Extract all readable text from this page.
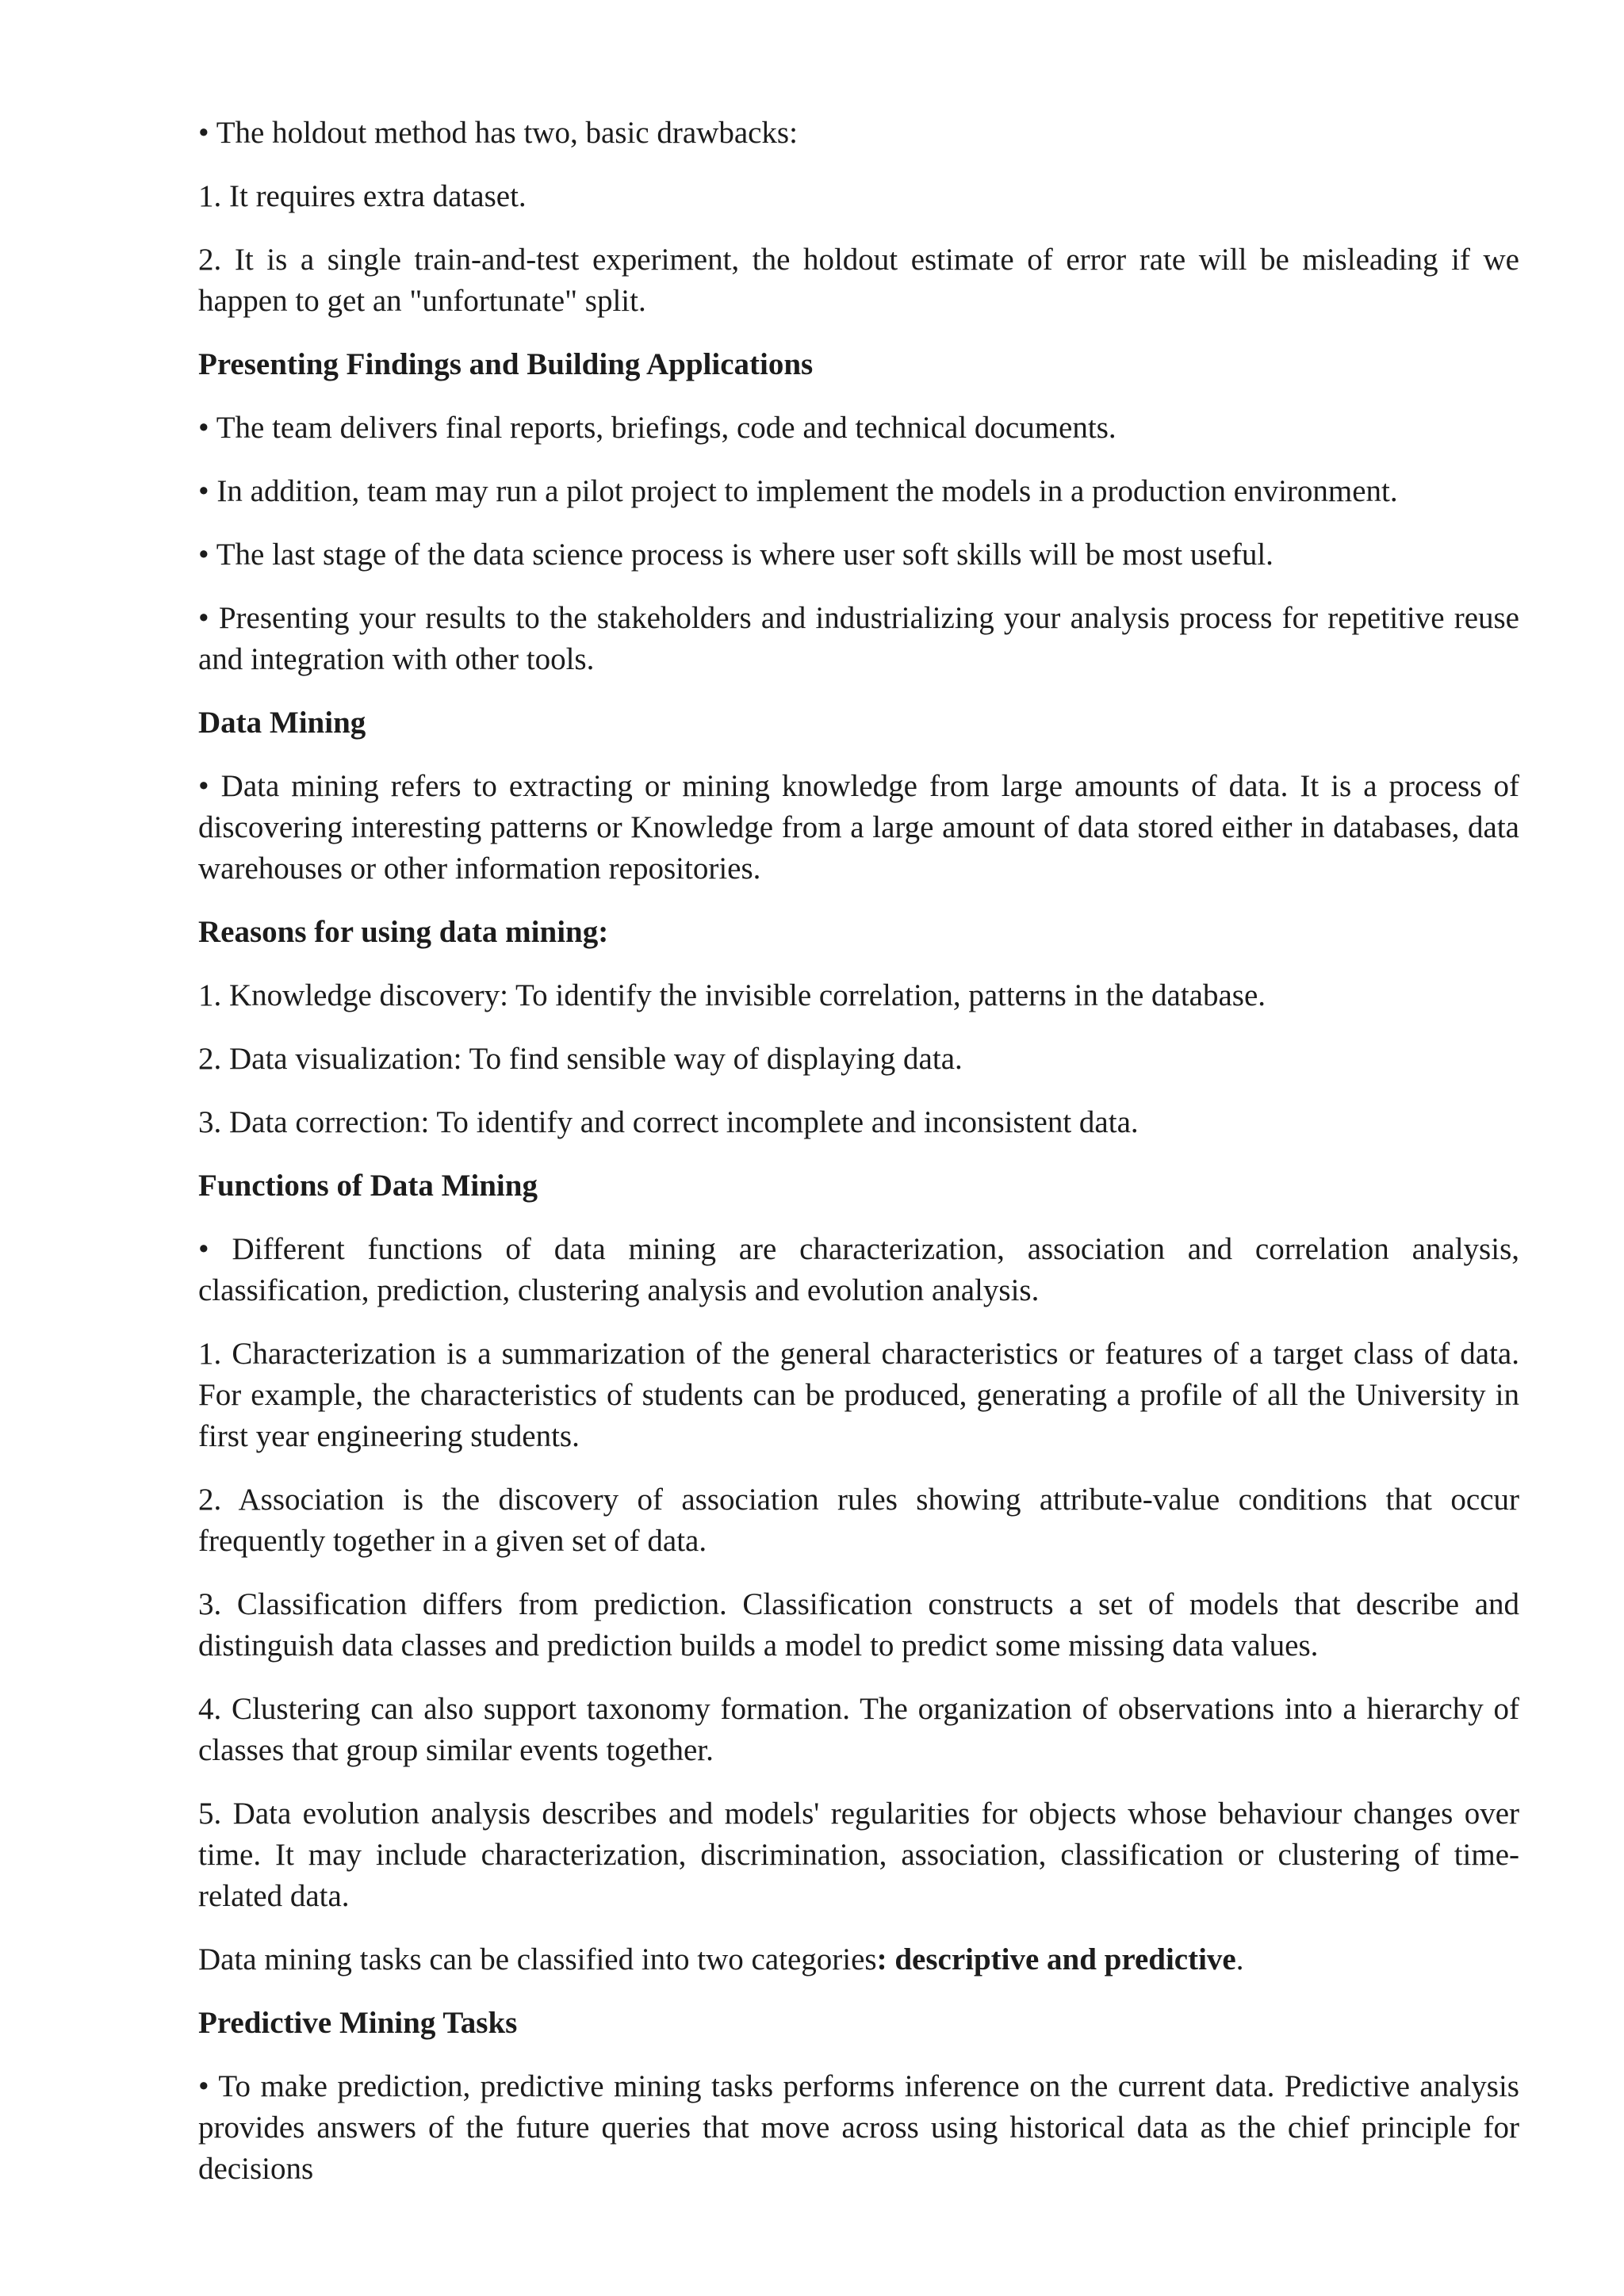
• The holdout method has two, basic drawbacks:

1. It requires extra dataset.

2. It is a single train-and-test experiment, the holdout estimate of error rate will be misleading if we happen to get an "unfortunate" split.

Presenting Findings and Building Applications

• The team delivers final reports, briefings, code and technical documents.

• In addition, team may run a pilot project to implement the models in a production environment.

• The last stage of the data science process is where user soft skills will be most useful.

• Presenting your results to the stakeholders and industrializing your analysis process for repetitive reuse and integration with other tools.

Data Mining

• Data mining refers to extracting or mining knowledge from large amounts of data. It is a process of discovering interesting patterns or Knowledge from a large amount of data stored either in databases, data warehouses or other information repositories.

Reasons for using data mining:

1. Knowledge discovery: To identify the invisible correlation, patterns in the database.

2. Data visualization: To find sensible way of displaying data.

3. Data correction: To identify and correct incomplete and inconsistent data.

Functions of Data Mining

• Different functions of data mining are characterization, association and correlation analysis, classification, prediction, clustering analysis and evolution analysis.

1. Characterization is a summarization of the general characteristics or features of a target class of data. For example, the characteristics of students can be produced, generating a profile of all the University in first year engineering students.

2. Association is the discovery of association rules showing attribute-value conditions that occur frequently together in a given set of data.

3. Classification differs from prediction. Classification constructs a set of models that describe and distinguish data classes and prediction builds a model to predict some missing data values.

4. Clustering can also support taxonomy formation. The organization of observations into a hierarchy of classes that group similar events together.

5. Data evolution analysis describes and models' regularities for objects whose behaviour changes over time. It may include characterization, discrimination, association, classification or clustering of time-related data.

Data mining tasks can be classified into two categories: descriptive and predictive.

Predictive Mining Tasks

• To make prediction, predictive mining tasks performs inference on the current data. Predictive analysis provides answers of the future queries that move across using historical data as the chief principle for decisions
